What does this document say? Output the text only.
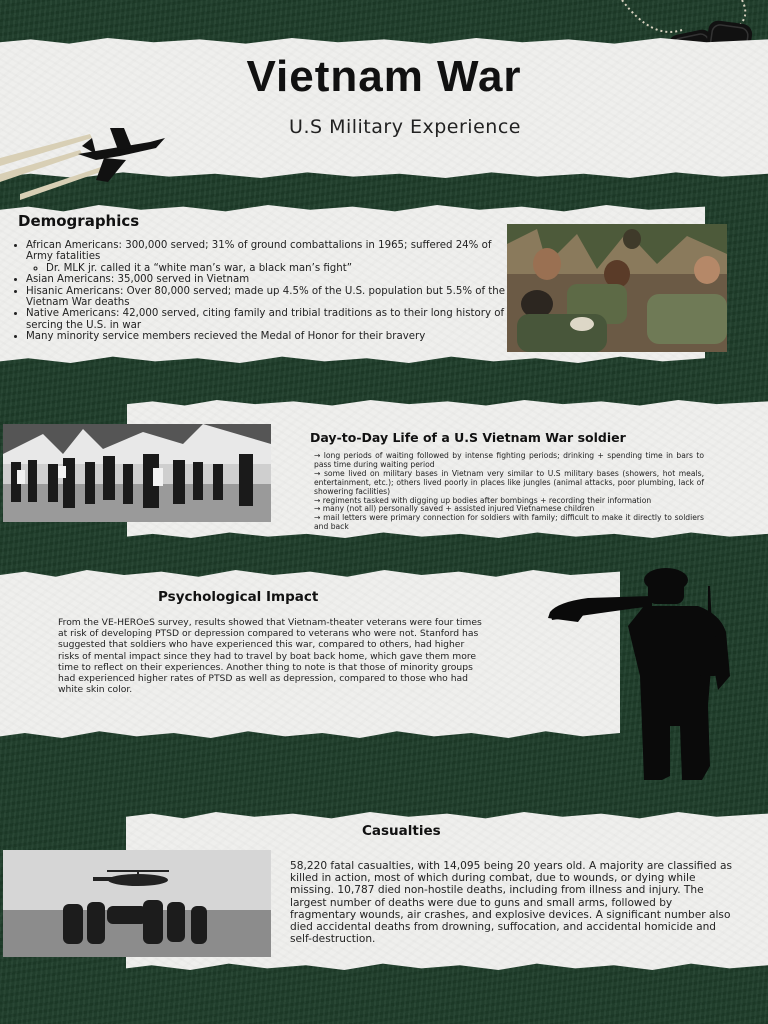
Vietnam War
U.S Military Experience
Demographics
• African Americans: 300,000 served; 31% of ground combattalions in 1965; suffered 24% of Army fatalities
◦ Dr. MLK jr. called it a “white man’s war, a black man’s fight”
• Asian Americans: 35,000 served in Vietnam
• Hisanic Americans: Over 80,000 served; made up 4.5% of the U.S. population but 5.5% of the Vietnam War deaths
• Native Americans: 42,000 served, citing family and tribial traditions as to their long history of sercing the U.S. in war
• Many minority service members recieved the Medal of Honor for their bravery
Day-to-Day Life of a U.S Vietnam War soldier
→ long periods of waiting followed by intense fighting periods; drinking + spending time in bars to pass time during waiting period
→ some lived on military bases in Vietnam very similar to U.S military bases (showers, hot meals, entertainment, etc.); others lived poorly in places like jungles (animal attacks, poor plumbing, lack of showering facilities)
→ regiments tasked with digging up bodies after bombings + recording their information
→ many (not all) personally saved + assisted injured Vietnamese children
→ mail letters were primary connection for soldiers with family; difficult to make it directly to soldiers and back
Psychological Impact
From the VE-HEROeS survey, results showed that Vietnam-theater veterans were four times at risk of developing PTSD or depression compared to veterans who were not. Stanford has suggested that soldiers who have experienced this war, compared to others, had higher risks of mental impact since they had to travel by boat back home, which gave them more time to reflect on their experiences. Another thing to note is that those of minority groups had experienced higher rates of PTSD as well as depression, compared to those who had white skin color.
Casualties
58,220 fatal casualties, with 14,095 being 20 years old. A majority are classified as killed in action, most of which during combat, due to wounds, or dying while missing. 10,787 died non-hostile deaths, including from illness and injury. The largest number of deaths were due to guns and small arms, followed by fragmentary wounds, air crashes, and explosive devices. A significant number also died accidental deaths from drowning, suffocation, and accidental homicide and self-destruction.
